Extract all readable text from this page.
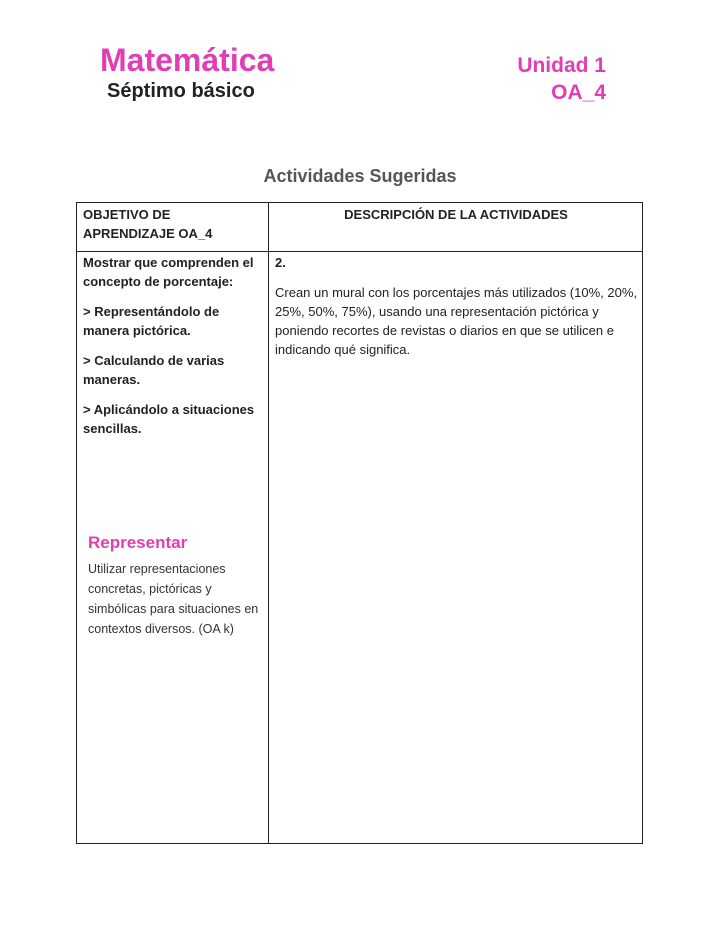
Matemática
Séptimo básico
Unidad 1
OA_4
Actividades Sugeridas
OBJETIVO DE APRENDIZAJE OA_4
DESCRIPCIÓN DE LA ACTIVIDADES

Mostrar que comprenden el concepto de porcentaje:

> Representándolo de manera pictórica.

> Calculando de varias maneras.

> Aplicándolo a situaciones sencillas.

Representar
Utilizar representaciones concretas, pictóricas y simbólicas para situaciones en contextos diversos. (OA k)
2.
Crean un mural con los porcentajes más utilizados (10%, 20%, 25%, 50%, 75%), usando una representación pictórica y poniendo recortes de revistas o diarios en que se utilicen e indicando qué significa.
